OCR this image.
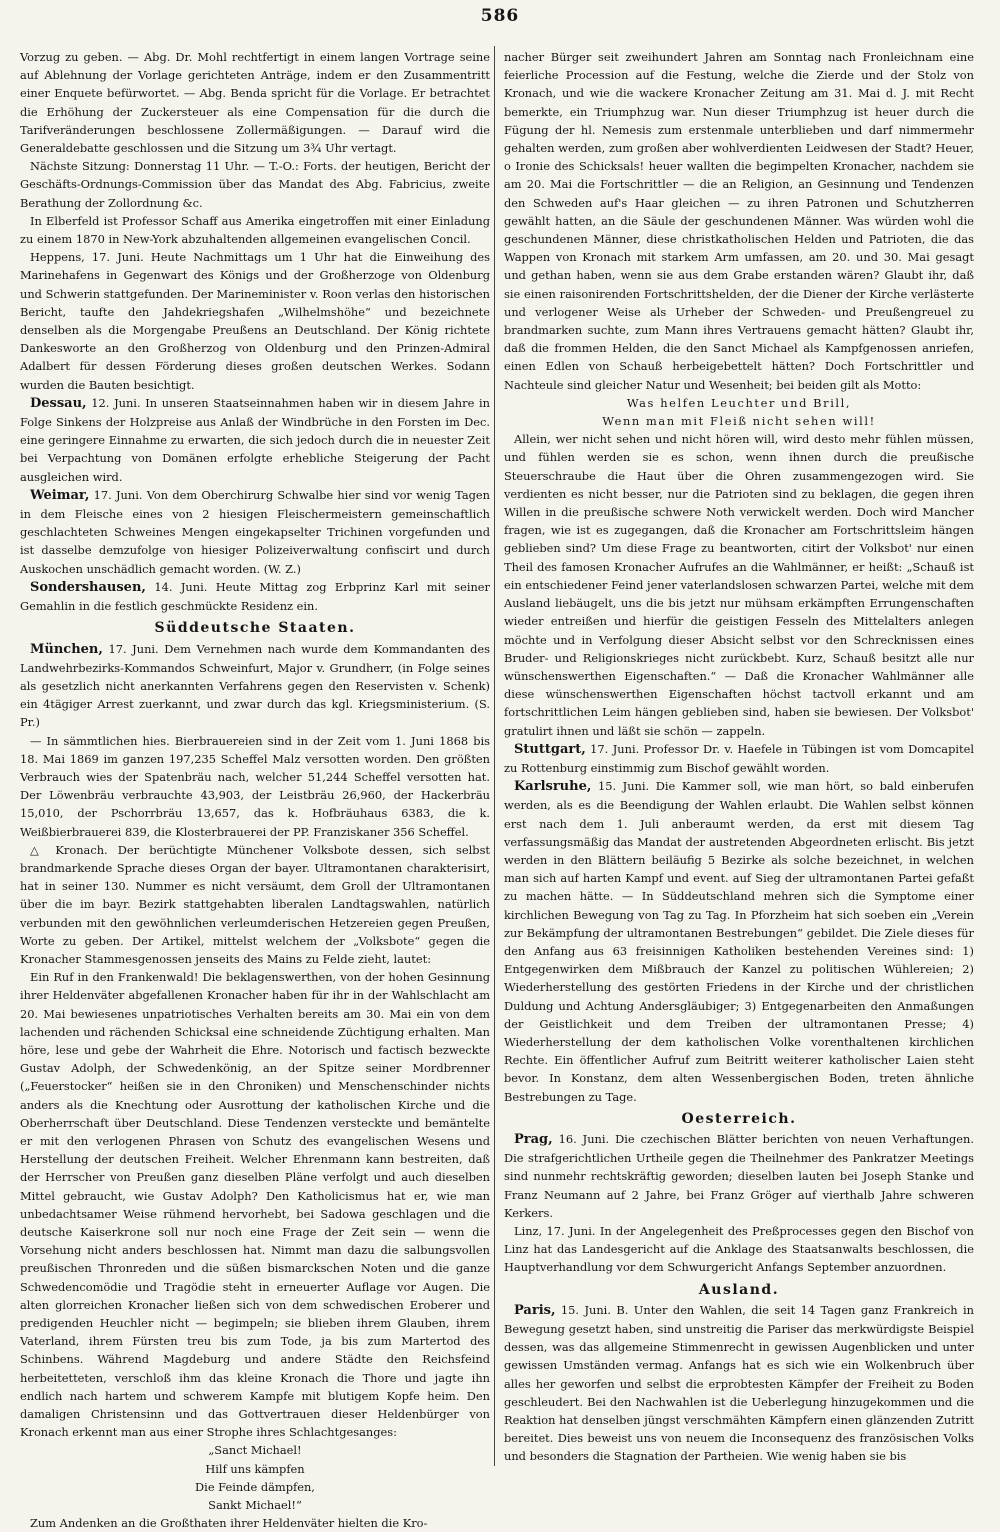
586

Vorzug zu geben. — Abg. Dr. Mohl rechtfertigt in einem langen Vortrage seine auf Ablehnung der Vorlage gerichteten Anträge, indem er den Zusammentritt einer Enquete befürwortet. — Abg. Benda spricht für die Vorlage. Er betrachtet die Erhöhung der Zuckersteuer als eine Compensation für die durch die Tarifveränderungen beschlossene Zollermäßigungen. — Darauf wird die Generaldebatte geschlossen und die Sitzung um 3¾ Uhr vertagt.

Nächste Sitzung: Donnerstag 11 Uhr. — T.-O.: Forts. der heutigen, Bericht der Geschäfts-Ordnungs-Commission über das Mandat des Abg. Fabricius, zweite Berathung der Zollordnung &c.

In Elberfeld ist Professor Schaff aus Amerika eingetroffen mit einer Einladung zu einem 1870 in New-York abzuhaltenden allgemeinen evangelischen Concil.

Heppens, 17. Juni. Heute Nachmittags um 1 Uhr hat die Einweihung des Marinehafens in Gegenwart des Königs und der Großherzoge von Oldenburg und Schwerin stattgefunden. Der Marineminister v. Roon verlas den historischen Bericht, taufte den Jahdekriegshafen „Wilhelmshöhe“ und bezeichnete denselben als die Morgengabe Preußens an Deutschland. Der König richtete Dankesworte an den Großherzog von Oldenburg und den Prinzen-Admiral Adalbert für dessen Förderung dieses großen deutschen Werkes. Sodann wurden die Bauten besichtigt.

Dessau, 12. Juni. In unseren Staatseinnahmen haben wir in diesem Jahre in Folge Sinkens der Holzpreise aus Anlaß der Windbrüche in den Forsten im Dec. eine geringere Einnahme zu erwarten, die sich jedoch durch die in neuester Zeit bei Verpachtung von Domänen erfolgte erhebliche Steigerung der Pacht ausgleichen wird.

Weimar, 17. Juni. Von dem Oberchirurg Schwalbe hier sind vor wenig Tagen in dem Fleische eines von 2 hiesigen Fleischermeistern gemeinschaftlich geschlachteten Schweines Mengen eingekapselter Trichinen vorgefunden und ist dasselbe demzufolge von hiesiger Polizeiverwaltung confiscirt und durch Auskochen unschädlich gemacht worden. (W. Z.)

Sondershausen, 14. Juni. Heute Mittag zog Erbprinz Karl mit seiner Gemahlin in die festlich geschmückte Residenz ein.

Süddeutsche Staaten.

München, 17. Juni. Dem Vernehmen nach wurde dem Kommandanten des Landwehrbezirks-Kommandos Schweinfurt, Major v. Grundherr, (in Folge seines als gesetzlich nicht anerkannten Verfahrens gegen den Reservisten v. Schenk) ein 4tägiger Arrest zuerkannt, und zwar durch das kgl. Kriegsministerium. (S. Pr.)

— In sämmtlichen hies. Bierbrauereien sind in der Zeit vom 1. Juni 1868 bis 18. Mai 1869 im ganzen 197,235 Scheffel Malz versotten worden. Den größten Verbrauch wies der Spatenbräu nach, welcher 51,244 Scheffel versotten hat. Der Löwenbräu verbrauchte 43,903, der Leistbräu 26,960, der Hackerbräu 15,010, der Pschorrbräu 13,657, das k. Hofbräuhaus 6383, die k. Weißbierbrauerei 839, die Klosterbrauerei der PP. Franziskaner 356 Scheffel.

△ Kronach. Der berüchtigte Münchener Volksbote dessen, sich selbst brandmarkende Sprache dieses Organ der bayer. Ultramontanen charakterisirt, hat in seiner 130. Nummer es nicht versäumt, dem Groll der Ultramontanen über die im bayr. Bezirk stattgehabten liberalen Landtagswahlen, natürlich verbunden mit den gewöhnlichen verleumderischen Hetzereien gegen Preußen, Worte zu geben. Der Artikel, mittelst welchem der „Volksbote“ gegen die Kronacher Stammesgenossen jenseits des Mains zu Felde zieht, lautet:

Ein Ruf in den Frankenwald! Die beklagenswerthen, von der hohen Gesinnung ihrer Heldenväter abgefallenen Kronacher haben für ihr in der Wahlschlacht am 20. Mai bewiesenes unpatriotisches Verhalten bereits am 30. Mai ein von dem lachenden und rächenden Schicksal eine schneidende Züchtigung erhalten. Man höre, lese und gebe der Wahrheit die Ehre. Notorisch und factisch bezweckte Gustav Adolph, der Schwedenkönig, an der Spitze seiner Mordbrenner („Feuerstocker“ heißen sie in den Chroniken) und Menschenschinder nichts anders als die Knechtung oder Ausrottung der katholischen Kirche und die Oberherrschaft über Deutschland. Diese Tendenzen versteckte und bemäntelte er mit den verlogenen Phrasen von Schutz des evangelischen Wesens und Herstellung der deutschen Freiheit. Welcher Ehrenmann kann bestreiten, daß der Herrscher von Preußen ganz dieselben Pläne verfolgt und auch dieselben Mittel gebraucht, wie Gustav Adolph? Den Katholicismus hat er, wie man unbedachtsamer Weise rühmend hervorhebt, bei Sadowa geschlagen und die deutsche Kaiserkrone soll nur noch eine Frage der Zeit sein — wenn die Vorsehung nicht anders beschlossen hat. Nimmt man dazu die salbungsvollen preußischen Thronreden und die süßen bismarckschen Noten und die ganze Schwedencomödie und Tragödie steht in erneuerter Auflage vor Augen. Die alten glorreichen Kronacher ließen sich von dem schwedischen Eroberer und predigenden Heuchler nicht — begimpeln; sie blieben ihrem Glauben, ihrem Vaterland, ihrem Fürsten treu bis zum Tode, ja bis zum Martertod des Schinbens. Während Magdeburg und andere Städte den Reichsfeind herbeitetteten, verschloß ihm das kleine Kronach die Thore und jagte ihn endlich nach hartem und schwerem Kampfe mit blutigem Kopfe heim. Den damaligen Christensinn und das Gottvertrauen dieser Heldenbürger von Kronach erkennt man aus einer Strophe ihres Schlachtgesanges:

„Sanct Michael!

Hilf uns kämpfen

Die Feinde dämpfen,

Sankt Michael!“

Zum Andenken an die Großthaten ihrer Heldenväter hielten die Kro-

nacher Bürger seit zweihundert Jahren am Sonntag nach Fronleichnam eine feierliche Procession auf die Festung, welche die Zierde und der Stolz von Kronach, und wie die wackere Kronacher Zeitung am 31. Mai d. J. mit Recht bemerkte, ein Triumphzug war. Nun dieser Triumphzug ist heuer durch die Fügung der hl. Nemesis zum erstenmale unterblieben und darf nimmermehr gehalten werden, zum großen aber wohlverdienten Leidwesen der Stadt? Heuer, o Ironie des Schicksals! heuer wallten die begimpelten Kronacher, nachdem sie am 20. Mai die Fortschrittler — die an Religion, an Gesinnung und Tendenzen den Schweden auf's Haar gleichen — zu ihren Patronen und Schutzherren gewählt hatten, an die Säule der geschundenen Männer. Was würden wohl die geschundenen Männer, diese christkatholischen Helden und Patrioten, die das Wappen von Kronach mit starkem Arm umfassen, am 20. und 30. Mai gesagt und gethan haben, wenn sie aus dem Grabe erstanden wären? Glaubt ihr, daß sie einen raisonirenden Fortschrittshelden, der die Diener der Kirche verlästerte und verlogener Weise als Urheber der Schweden- und Preußengreuel zu brandmarken suchte, zum Mann ihres Vertrauens gemacht hätten? Glaubt ihr, daß die frommen Helden, die den Sanct Michael als Kampfgenossen anriefen, einen Edlen von Schauß herbeigebettelt hätten? Doch Fortschrittler und Nachteule sind gleicher Natur und Wesenheit; bei beiden gilt als Motto:

Was helfen Leuchter und Brill,

Wenn man mit Fleiß nicht sehen will!

Allein, wer nicht sehen und nicht hören will, wird desto mehr fühlen müssen, und fühlen werden sie es schon, wenn ihnen durch die preußische Steuerschraube die Haut über die Ohren zusammengezogen wird. Sie verdienten es nicht besser, nur die Patrioten sind zu beklagen, die gegen ihren Willen in die preußische schwere Noth verwickelt werden. Doch wird Mancher fragen, wie ist es zugegangen, daß die Kronacher am Fortschrittsleim hängen geblieben sind? Um diese Frage zu beantworten, citirt der Volksbot' nur einen Theil des famosen Kronacher Aufrufes an die Wahlmänner, er heißt: „Schauß ist ein entschiedener Feind jener vaterlandslosen schwarzen Partei, welche mit dem Ausland liebäugelt, uns die bis jetzt nur mühsam erkämpften Errungenschaften wieder entreißen und hierfür die geistigen Fesseln des Mittelalters anlegen möchte und in Verfolgung dieser Absicht selbst vor den Schrecknissen eines Bruder- und Religionskrieges nicht zurückbebt. Kurz, Schauß besitzt alle nur wünschenswerthen Eigenschaften.“ — Daß die Kronacher Wahlmänner alle diese wünschenswerthen Eigenschaften höchst tactvoll erkannt und am fortschrittlichen Leim hängen geblieben sind, haben sie bewiesen. Der Volksbot' gratulirt ihnen und läßt sie schön — zappeln.

Stuttgart, 17. Juni. Professor Dr. v. Haefele in Tübingen ist vom Domcapitel zu Rottenburg einstimmig zum Bischof gewählt worden.

Karlsruhe, 15. Juni. Die Kammer soll, wie man hört, so bald einberufen werden, als es die Beendigung der Wahlen erlaubt. Die Wahlen selbst können erst nach dem 1. Juli anberaumt werden, da erst mit diesem Tag verfassungsmäßig das Mandat der austretenden Abgeordneten erlischt. Bis jetzt werden in den Blättern beiläufig 5 Bezirke als solche bezeichnet, in welchen man sich auf harten Kampf und event. auf Sieg der ultramontanen Partei gefaßt zu machen hätte. — In Süddeutschland mehren sich die Symptome einer kirchlichen Bewegung von Tag zu Tag. In Pforzheim hat sich soeben ein „Verein zur Bekämpfung der ultramontanen Bestrebungen“ gebildet. Die Ziele dieses für den Anfang aus 63 freisinnigen Katholiken bestehenden Vereines sind: 1) Entgegenwirken dem Mißbrauch der Kanzel zu politischen Wühlereien; 2) Wiederherstellung des gestörten Friedens in der Kirche und der christlichen Duldung und Achtung Andersgläubiger; 3) Entgegenarbeiten den Anmaßungen der Geistlichkeit und dem Treiben der ultramontanen Presse; 4) Wiederherstellung der dem katholischen Volke vorenthaltenen kirchlichen Rechte. Ein öffentlicher Aufruf zum Beitritt weiterer katholischer Laien steht bevor. In Konstanz, dem alten Wessenbergischen Boden, treten ähnliche Bestrebungen zu Tage.

Oesterreich.

Prag, 16. Juni. Die czechischen Blätter berichten von neuen Verhaftungen. Die strafgerichtlichen Urtheile gegen die Theilnehmer des Pankratzer Meetings sind nunmehr rechtskräftig geworden; dieselben lauten bei Joseph Stanke und Franz Neumann auf 2 Jahre, bei Franz Gröger auf vierthalb Jahre schweren Kerkers.

Linz, 17. Juni. In der Angelegenheit des Preßprocesses gegen den Bischof von Linz hat das Landesgericht auf die Anklage des Staatsanwalts beschlossen, die Hauptverhandlung vor dem Schwurgericht Anfangs September anzuordnen.

Ausland.

Paris, 15. Juni. B. Unter den Wahlen, die seit 14 Tagen ganz Frankreich in Bewegung gesetzt haben, sind unstreitig die Pariser das merkwürdigste Beispiel dessen, was das allgemeine Stimmenrecht in gewissen Augenblicken und unter gewissen Umständen vermag. Anfangs hat es sich wie ein Wolkenbruch über alles her geworfen und selbst die erprobtesten Kämpfer der Freiheit zu Boden geschleudert. Bei den Nachwahlen ist die Ueberlegung hinzugekommen und die Reaktion hat denselben jüngst verschmähten Kämpfern einen glänzenden Zutritt bereitet. Dies beweist uns von neuem die Inconsequenz des französischen Volks und besonders die Stagnation der Partheien. Wie wenig haben sie bis
